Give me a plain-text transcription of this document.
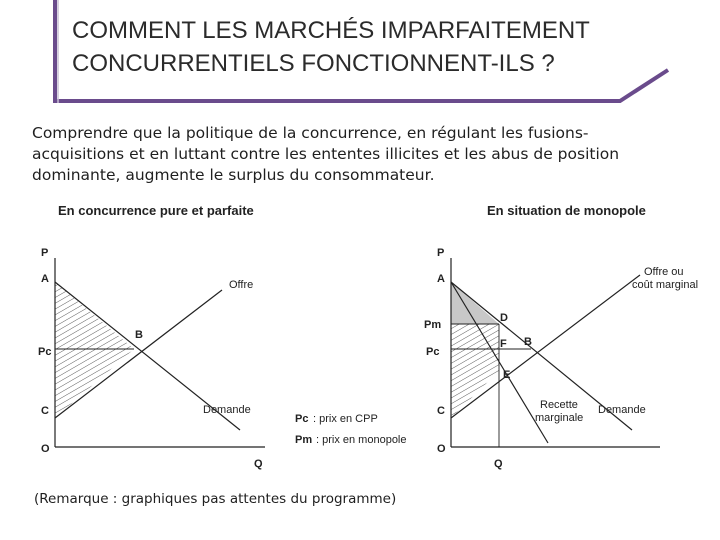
En concurrence pure et parfaite
P
A
Pc
C
O
B
Offre
Demande
Q
Pc : prix en CPP
Pm : prix en monopole
En situation de monopole
P
A
Pm
Pc
C
O
D
F B
E
Offre ou
coût marginal
Recette
marginale
Demande
Q
COMMENT LES MARCHÉS IMPARFAITEMENT
CONCURRENTIELS FONCTIONNENT-ILS ?
Comprendre que la politique de la concurrence, en régulant les fusions-
acquisitions et en luttant contre les ententes illicites et les abus de position
dominante, augmente le surplus du consommateur.
(Remarque : graphiques pas attentes du programme)
